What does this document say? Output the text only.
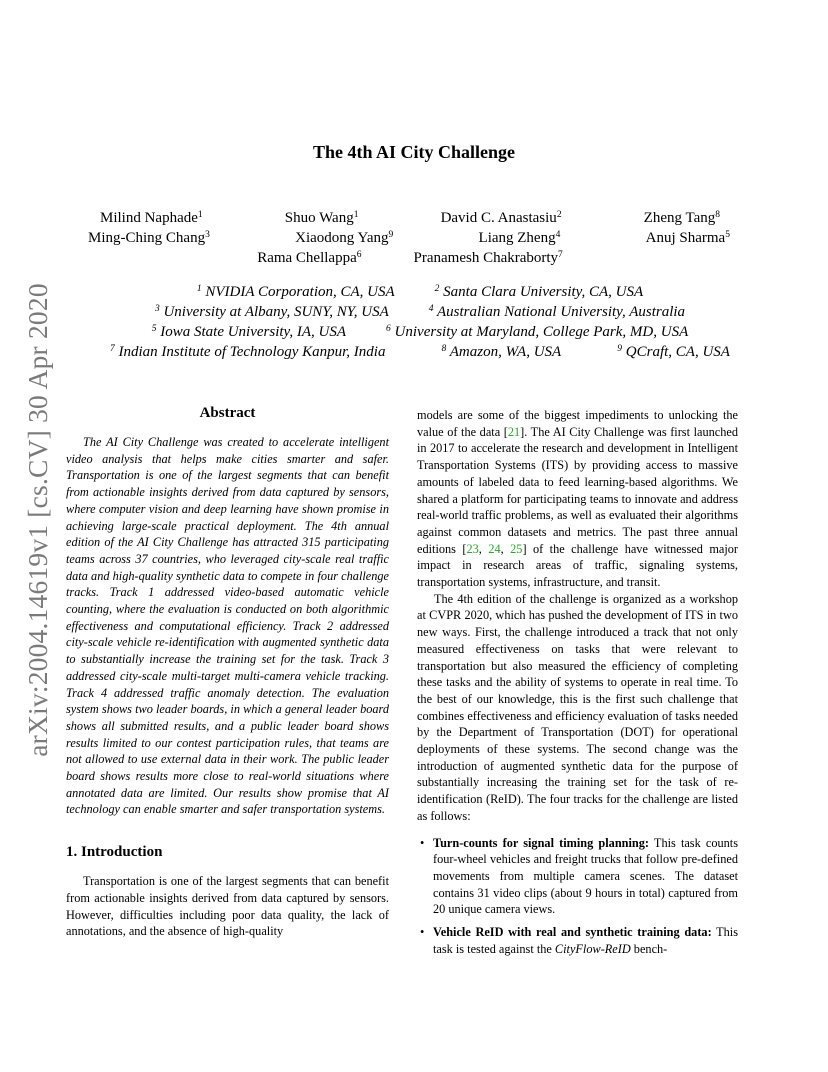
arXiv:2004.14619v1 [cs.CV] 30 Apr 2020
The 4th AI City Challenge
Milind Naphade$^1$	Shuo Wang$^1$	David C. Anastasiu$^2$	Zheng Tang$^8$
Ming-Ching Chang$^3$	Xiaodong Yang$^9$	Liang Zheng$^4$	Anuj Sharma$^5$
Rama Chellappa$^6$	Pranamesh Chakraborty$^7$
$^1$ NVIDIA Corporation, CA, USA	$^2$ Santa Clara University, CA, USA
$^3$ University at Albany, SUNY, NY, USA	$^4$ Australian National University, Australia
$^5$ Iowa State University, IA, USA	$^6$ University at Maryland, College Park, MD, USA
$^7$ Indian Institute of Technology Kanpur, India	$^8$ Amazon, WA, USA	$^9$ QCraft, CA, USA
Abstract

The AI City Challenge was created to accelerate intelligent video analysis that helps make cities smarter and safer. Transportation is one of the largest segments that can benefit from actionable insights derived from data captured by sensors, where computer vision and deep learning have shown promise in achieving large-scale practical deployment. The 4th annual edition of the AI City Challenge has attracted 315 participating teams across 37 countries, who leveraged city-scale real traffic data and high-quality synthetic data to compete in four challenge tracks. Track 1 addressed video-based automatic vehicle counting, where the evaluation is conducted on both algorithmic effectiveness and computational efficiency. Track 2 addressed city-scale vehicle re-identification with augmented synthetic data to substantially increase the training set for the task. Track 3 addressed city-scale multi-target multi-camera vehicle tracking. Track 4 addressed traffic anomaly detection. The evaluation system shows two leader boards, in which a general leader board shows all submitted results, and a public leader board shows results limited to our contest participation rules, that teams are not allowed to use external data in their work. The public leader board shows results more close to real-world situations where annotated data are limited. Our results show promise that AI technology can enable smarter and safer transportation systems.

1. Introduction

Transportation is one of the largest segments that can benefit from actionable insights derived from data captured by sensors. However, difficulties including poor data quality, the lack of annotations, and the absence of high-quality

models are some of the biggest impediments to unlocking the value of the data [21]. The AI City Challenge was first launched in 2017 to accelerate the research and development in Intelligent Transportation Systems (ITS) by providing access to massive amounts of labeled data to feed learning-based algorithms. We shared a platform for participating teams to innovate and address real-world traffic problems, as well as evaluated their algorithms against common datasets and metrics. The past three annual editions [23, 24, 25] of the challenge have witnessed major impact in research areas of traffic, signaling systems, transportation systems, infrastructure, and transit.

The 4th edition of the challenge is organized as a workshop at CVPR 2020, which has pushed the development of ITS in two new ways. First, the challenge introduced a track that not only measured effectiveness on tasks that were relevant to transportation but also measured the efficiency of completing these tasks and the ability of systems to operate in real time. To the best of our knowledge, this is the first such challenge that combines effectiveness and efficiency evaluation of tasks needed by the Department of Transportation (DOT) for operational deployments of these systems. The second change was the introduction of augmented synthetic data for the purpose of substantially increasing the training set for the task of re-identification (ReID). The four tracks for the challenge are listed as follows:

• Turn-counts for signal timing planning: This task counts four-wheel vehicles and freight trucks that follow pre-defined movements from multiple camera scenes. The dataset contains 31 video clips (about 9 hours in total) captured from 20 unique camera views.
• Vehicle ReID with real and synthetic training data: This task is tested against the CityFlow-ReID bench-
